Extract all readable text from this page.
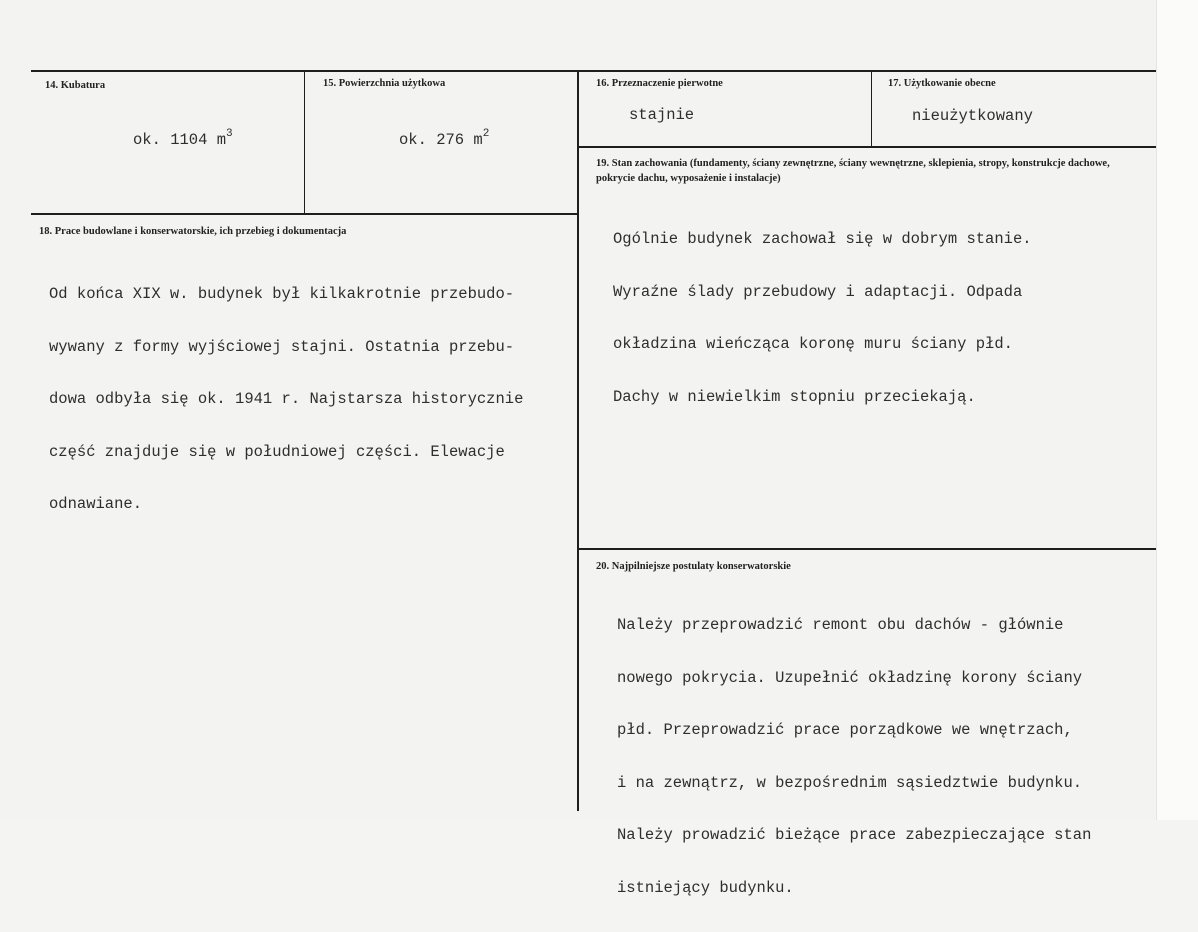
14. Kubatura
ok. 1104 $m^3$
15. Powierzchnia użytkowa
ok. 276 $m^2$
16. Przeznaczenie pierwotne
stajnie
17. Użytkowanie obecne
nieużytkowany
18. Prace budowlane i konserwatorskie, ich przebieg i dokumentacja

Od końca XIX w. budynek był kilkakrotnie przebudo-

wywany z formy wyjściowej stajni. Ostatnia przebu-

dowa odbyła się ok. 1941 r. Najstarsza historycznie

część znajduje się w południowej części. Elewacje

odnawiane.

19. Stan zachowania (fundamenty, ściany zewnętrzne, ściany wewnętrzne, sklepienia, stropy, konstrukcje dachowe, pokrycie dachu, wyposażenie i instalacje)

Ogólnie budynek zachował się w dobrym stanie.

Wyraźne ślady przebudowy i adaptacji. Odpada

okładzina wieńcząca koronę muru ściany płd.

Dachy w niewielkim stopniu przeciekają.

20. Najpilniejsze postulaty konserwatorskie

Należy przeprowadzić remont obu dachów - głównie

nowego pokrycia. Uzupełnić okładzinę korony ściany

płd. Przeprowadzić prace porządkowe we wnętrzach,

i na zewnątrz, w bezpośrednim sąsiedztwie budynku.

Należy prowadzić bieżące prace zabezpieczające stan

istniejący budynku.
